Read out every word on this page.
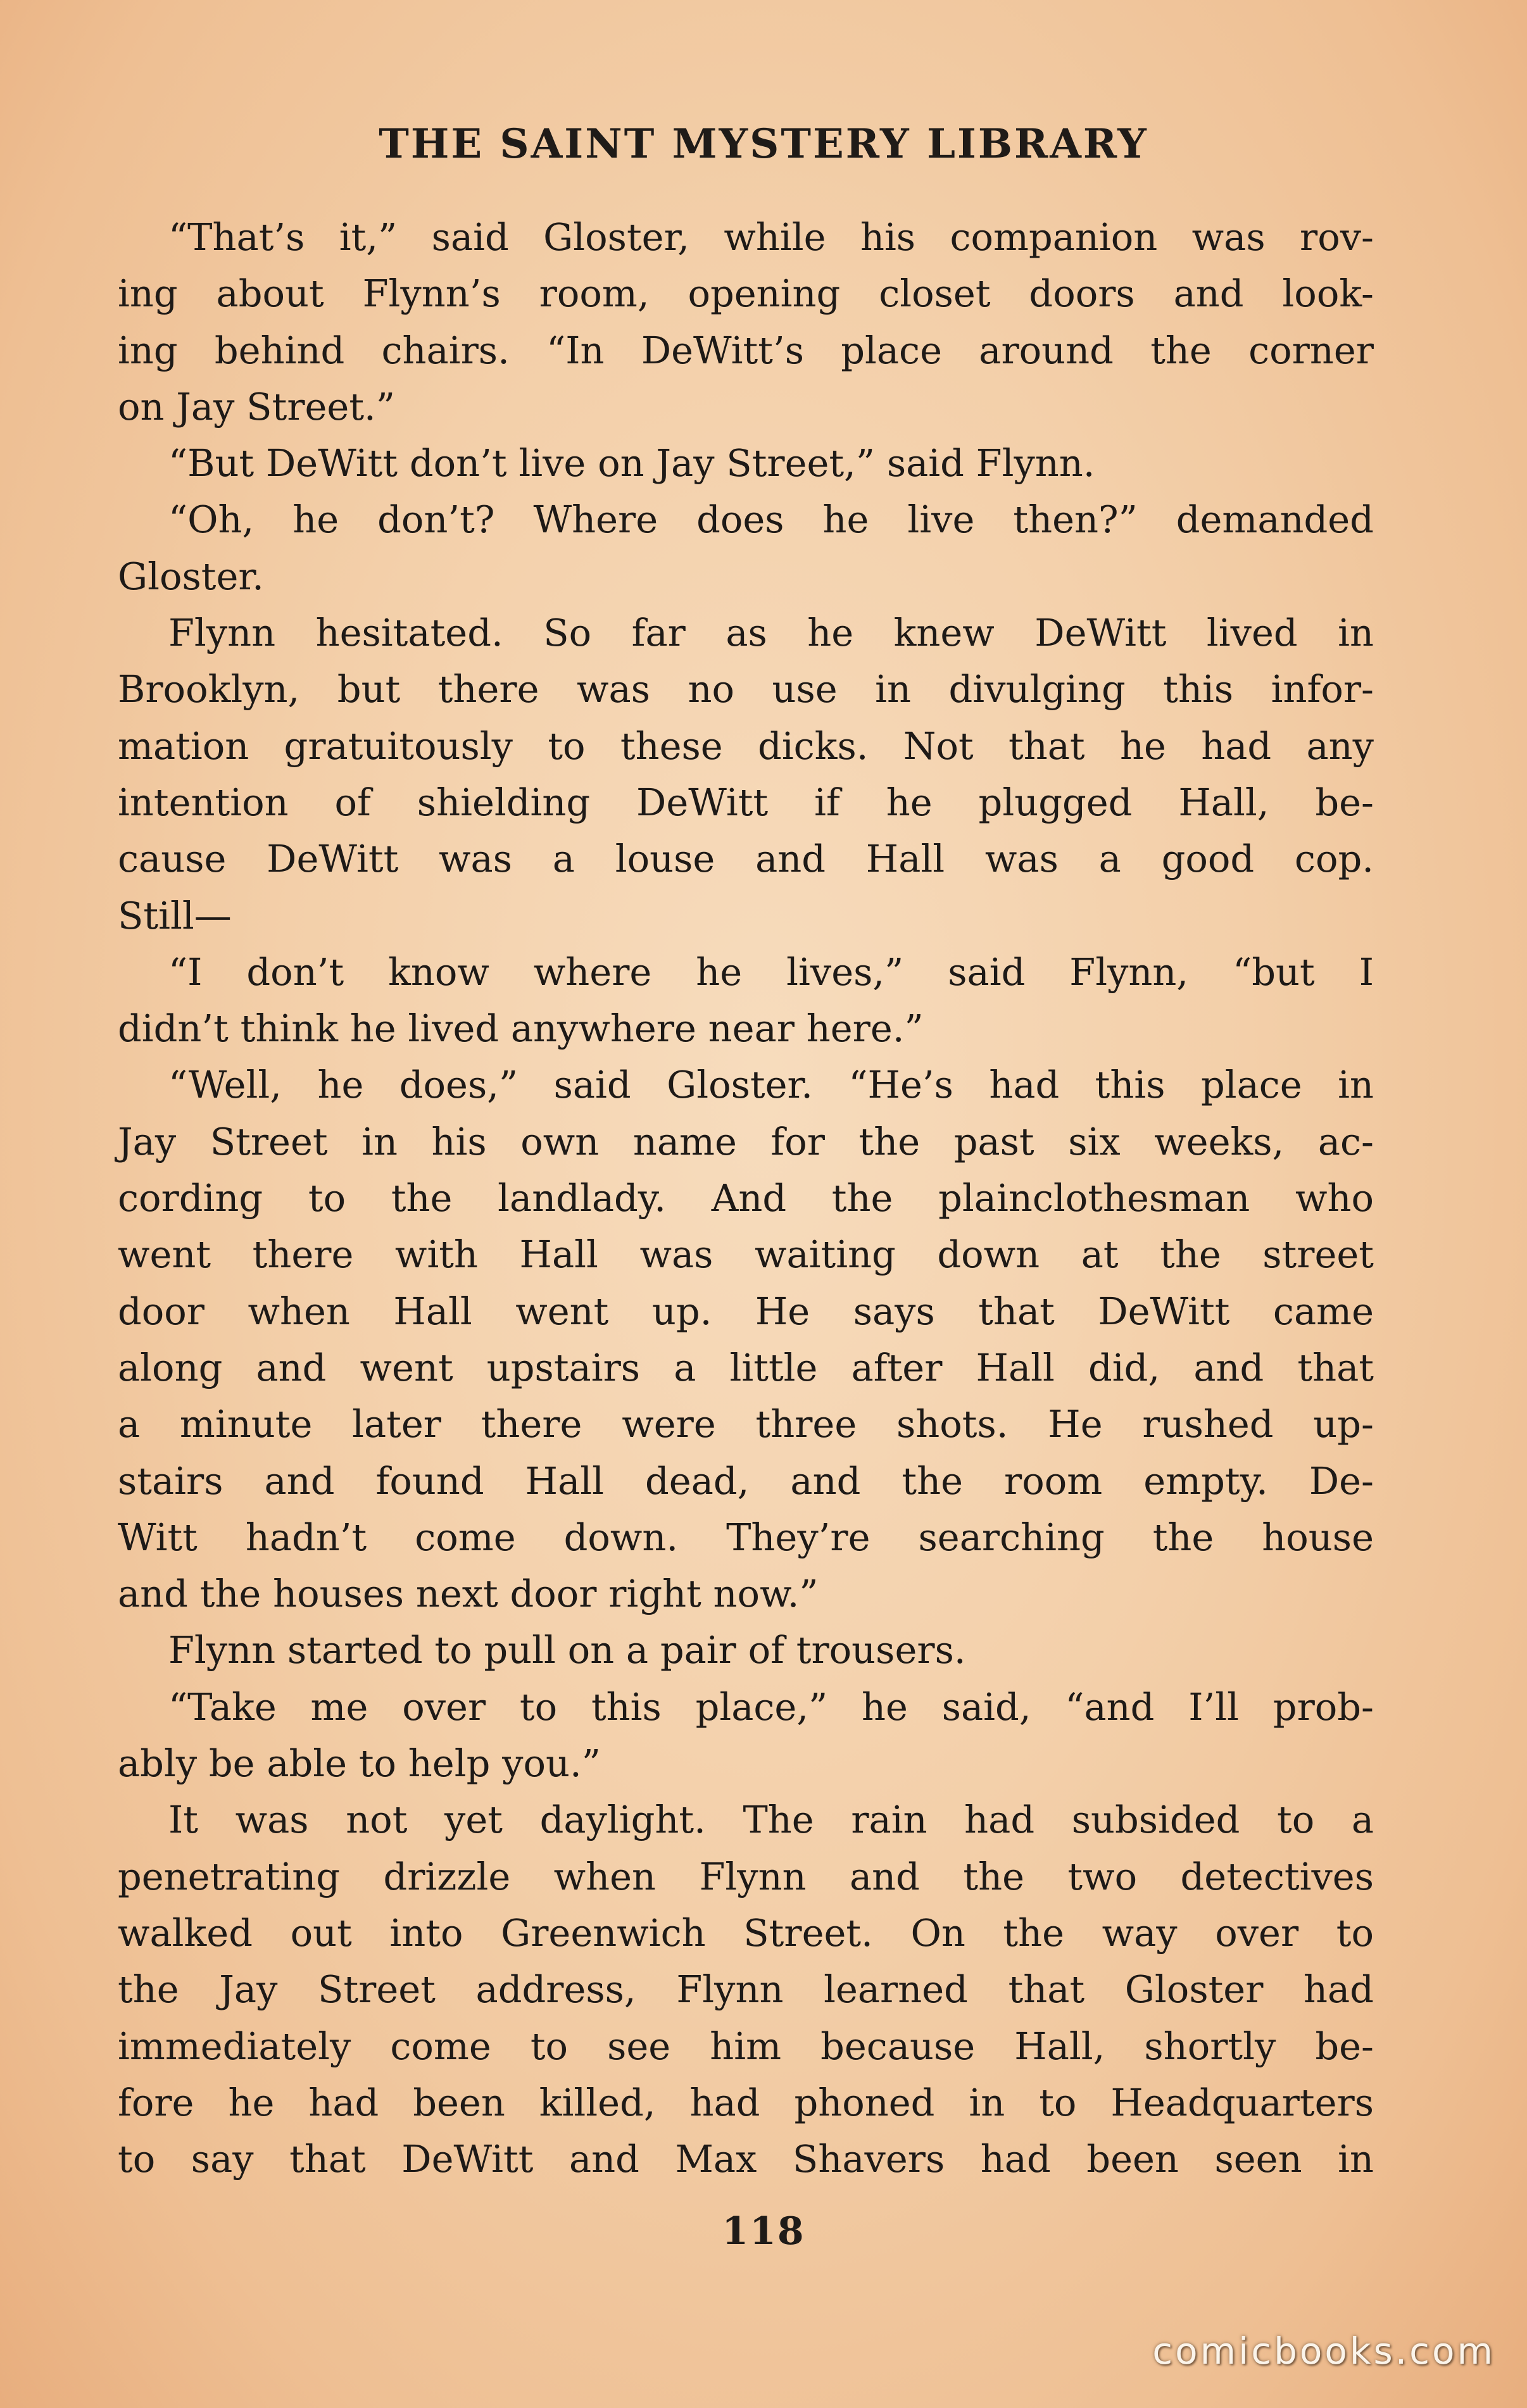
THE SAINT MYSTERY LIBRARY
“That’s it,” said Gloster, while his companion was rov-
ing about Flynn’s room, opening closet doors and look-
ing behind chairs. “In DeWitt’s place around the corner
on Jay Street.”
“But DeWitt don’t live on Jay Street,” said Flynn.
“Oh, he don’t? Where does he live then?” demanded
Gloster.
Flynn hesitated. So far as he knew DeWitt lived in
Brooklyn, but there was no use in divulging this infor-
mation gratuitously to these dicks. Not that he had any
intention of shielding DeWitt if he plugged Hall, be-
cause DeWitt was a louse and Hall was a good cop.
Still—
“I don’t know where he lives,” said Flynn, “but I
didn’t think he lived anywhere near here.”
“Well, he does,” said Gloster. “He’s had this place in
Jay Street in his own name for the past six weeks, ac-
cording to the landlady. And the plainclothesman who
went there with Hall was waiting down at the street
door when Hall went up. He says that DeWitt came
along and went upstairs a little after Hall did, and that
a minute later there were three shots. He rushed up-
stairs and found Hall dead, and the room empty. De-
Witt hadn’t come down. They’re searching the house
and the houses next door right now.”
Flynn started to pull on a pair of trousers.
“Take me over to this place,” he said, “and I’ll prob-
ably be able to help you.”
It was not yet daylight. The rain had subsided to a
penetrating drizzle when Flynn and the two detectives
walked out into Greenwich Street. On the way over to
the Jay Street address, Flynn learned that Gloster had
immediately come to see him because Hall, shortly be-
fore he had been killed, had phoned in to Headquarters
to say that DeWitt and Max Shavers had been seen in
118
comicbooks.com
